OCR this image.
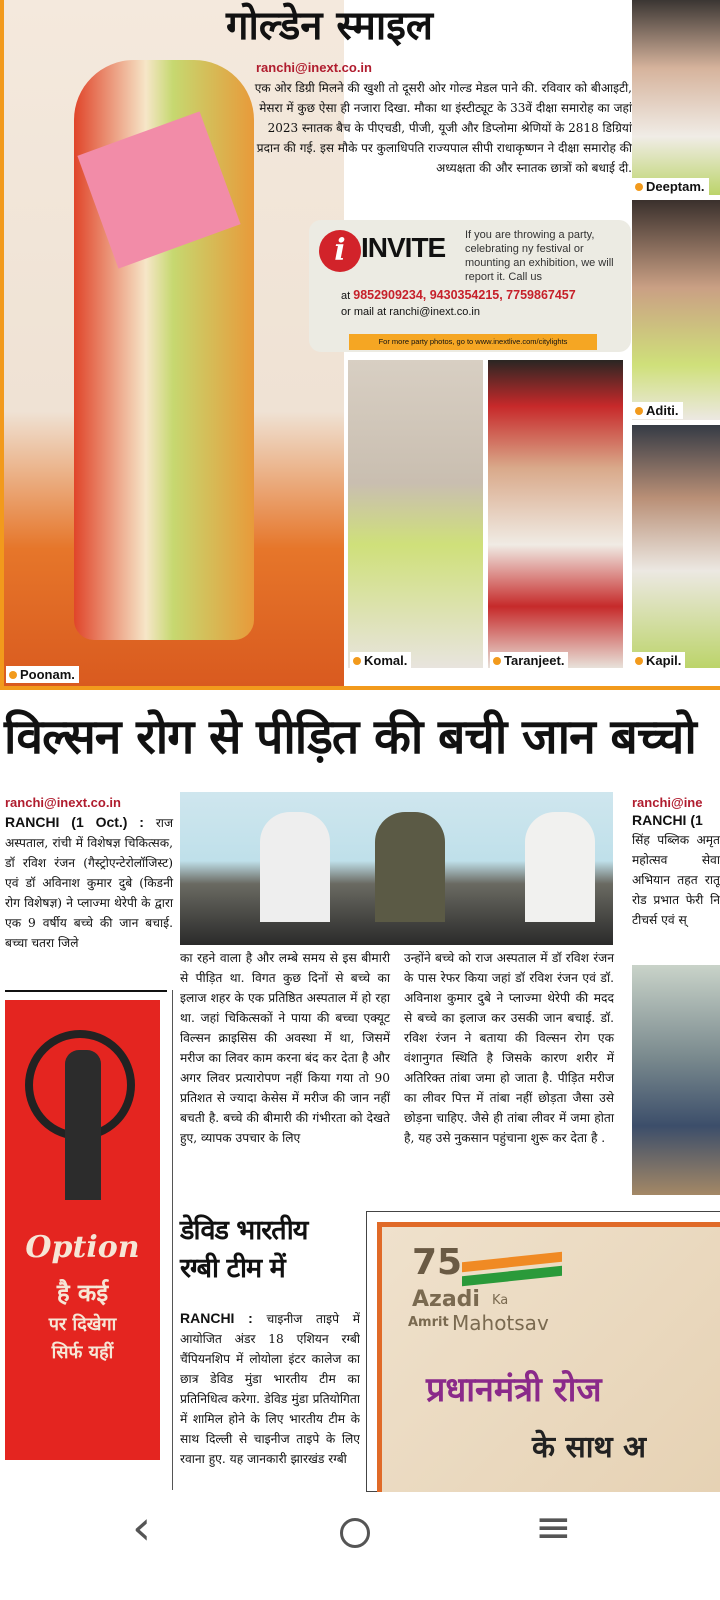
गोल्डेन स्माइल
Poonam.
ranchi@inext.co.in
एक ओर डिग्री मिलने की खुशी तो दूसरी ओर गोल्ड मेडल पाने की. रविवार को बीआइटी, मेसरा में कुछ ऐसा ही नजारा दिखा. मौका था इंस्टीट्यूट के 33वें दीक्षा समारोह का जहां 2023 स्नातक बैच के पीएचडी, पीजी, यूजी और डिप्लोमा श्रेणियों के 2818 डिग्रियां प्रदान की गई. इस मौके पर कुलाधिपति राज्यपाल सीपी राधाकृष्णन ने दीक्षा समारोह की अध्यक्षता की और स्नातक छात्रों को बधाई दी.
i INVITE If you are throwing a party, celebrating ny festival or mounting an exhibition, we will report it. Call us
at 9852909234, 9430354215, 7759867457
or mail at ranchi@inext.co.in
For more party photos, go to www.inextlive.com/citylights
Komal.	Taranjeet.
Deeptam.
Aditi.
Kapil.
विल्सन रोग से पीड़ित की बची जान बच्चो
ranchi@inext.co.in
RANCHI (1 Oct.) : राज अस्पताल, रांची में विशेषज्ञ चिकित्सक, डॉ रविश रंजन (गैस्ट्रोएन्टेरोलॉजिस्ट) एवं डॉ अविनाश कुमार दुबे (किडनी रोग विशेषज्ञ) ने प्लाज्मा थेरेपी के द्वारा एक 9 वर्षीय बच्चे की जान बचाई. बच्चा चतरा जिले
का रहने वाला है और लम्बे समय से इस बीमारी से पीड़ित था. विगत कुछ दिनों से बच्चे का इलाज शहर के एक प्रतिष्ठित अस्पताल में हो रहा था. जहां चिकित्सकों ने पाया की बच्चा एक्यूट विल्सन क्राइसिस की अवस्था में था, जिसमें मरीज का लिवर काम करना बंद कर देता है और अगर लिवर प्रत्यारोपण नहीं किया गया तो 90 प्रतिशत से ज्यादा केसेस में मरीज की जान नहीं बचती है. बच्चे की बीमारी की गंभीरता को देखते हुए, व्यापक उपचार के लिए
उन्होंने बच्चे को राज अस्पताल में डॉ रविश रंजन के पास रेफर किया जहां डॉ रविश रंजन एवं डॉ. अविनाश कुमार दुबे ने प्लाज्मा थेरेपी की मदद से बच्चे का इलाज कर उसकी जान बचाई. डॉ. रविश रंजन ने बताया की विल्सन रोग एक वंशानुगत स्थिति है जिसके कारण शरीर में अतिरिक्त तांबा जमा हो जाता है. पीड़ित मरीज का लीवर पित्त में तांबा नहीं छोड़ता जैसा उसे छोड़ना चाहिए. जैसे ही तांबा लीवर में जमा होता है, यह उसे नुकसान पहुंचाना शुरू कर देता है .
ranchi@ine
RANCHI (1
सिंह पब्लिक अमृत महोत्सव सेवा अभियान तहत रातू रोड प्रभात फेरी नि टीचर्स एवं स्
Option
है कई
पर दिखेगा
सिर्फ यहीं
डेविड भारतीय रग्बी टीम में
RANCHI : चाइनीज ताइपे में आयोजित अंडर 18 एशियन रग्बी चैंपियनशिप में लोयोला इंटर कालेज का छात्र डेविड मुंडा भारतीय टीम का प्रतिनिधित्व करेगा. डेविड मुंडा प्रतियोगिता में शामिल होने के लिए भारतीय टीम के साथ दिल्ली से चाइनीज ताइपे के लिए रवाना हुए. यह जानकारी झारखंड रग्बी
75
Azadi Ka
Amrit Mahotsav
प्रधानमंत्री रोज
के साथ अ
‹	≡
